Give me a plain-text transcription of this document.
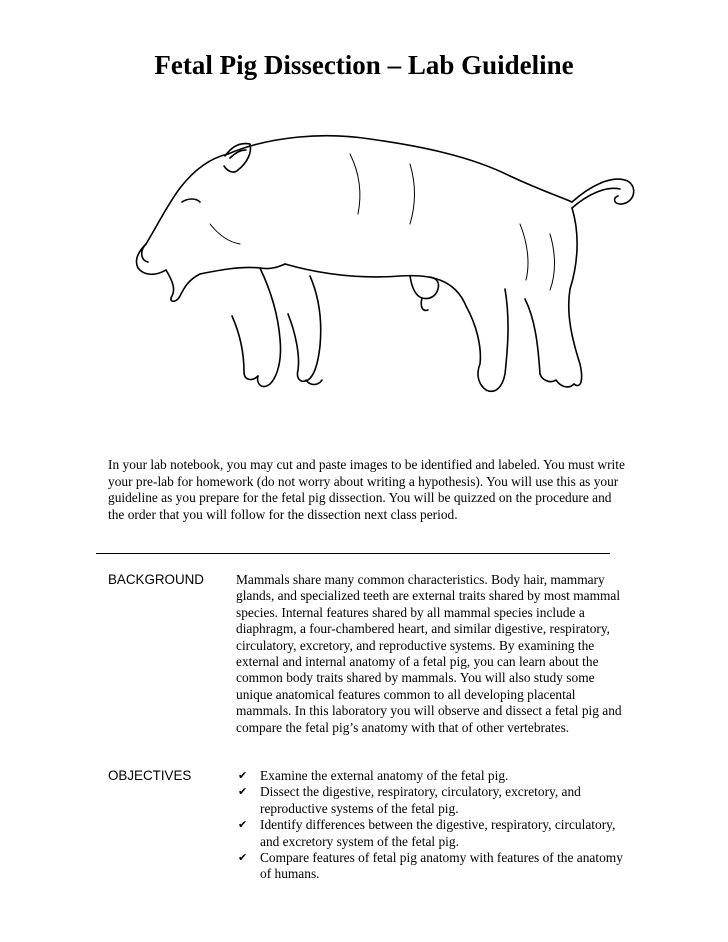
Fetal Pig Dissection – Lab Guideline

In your lab notebook, you may cut and paste images to be identified and labeled. You must write your pre-lab for homework (do not worry about writing a hypothesis). You will use this as your guideline as you prepare for the fetal pig dissection. You will be quizzed on the procedure and the order that you will follow for the dissection next class period.

BACKGROUND Mammals share many common characteristics. Body hair, mammary glands, and specialized teeth are external traits shared by most mammal species. Internal features shared by all mammal species include a diaphragm, a four-chambered heart, and similar digestive, respiratory, circulatory, excretory, and reproductive systems. By examining the external and internal anatomy of a fetal pig, you can learn about the common body traits shared by mammals. You will also study some unique anatomical features common to all developing placental mammals. In this laboratory you will observe and dissect a fetal pig and compare the fetal pig’s anatomy with that of other vertebrates.

OBJECTIVES	✔ Examine the external anatomy of the fetal pig.
✔ Dissect the digestive, respiratory, circulatory, excretory, and reproductive systems of the fetal pig.
✔ Identify differences between the digestive, respiratory, circulatory, and excretory system of the fetal pig.
✔ Compare features of fetal pig anatomy with features of the anatomy of humans.
